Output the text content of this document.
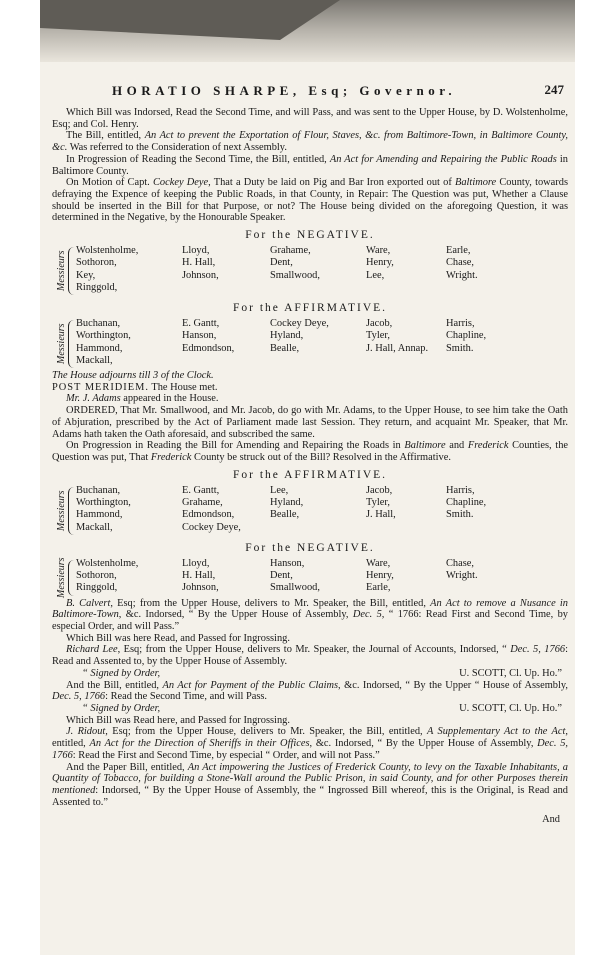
HORATIO SHARPE, Esq; Governor.	247

Which Bill was Indorsed, Read the Second Time, and will Pass, and was sent to the Upper House, by D. Wolstenholme, Esq; and Col. Henry.

The Bill, entitled, An Act to prevent the Exportation of Flour, Staves, &c. from Baltimore-Town, in Baltimore County, &c. Was referred to the Consideration of next Assembly.

In Progression of Reading the Second Time, the Bill, entitled, An Act for Amending and Repairing the Public Roads in Baltimore County.

On Motion of Capt. Cockey Deye, That a Duty be laid on Pig and Bar Iron exported out of Baltimore County, towards defraying the Expence of keeping the Public Roads, in that County, in Repair: The Question was put, Whether a Clause should be inserted in the Bill for that Purpose, or not? The House being divided on the aforegoing Question, it was determined in the Negative, by the Honourable Speaker.

For the NEGATIVE.
Messieurs
Wolstenholme,	Lloyd,	Grahame,	Ware,	Earle,
Sothoron,	H. Hall,	Dent,	Henry,	Chase,
Key,	Johnson,	Smallwood,	Lee,	Wright.
Ringgold,
For the AFFIRMATIVE.
Messieurs
Buchanan,	E. Gantt,	Cockey Deye,	Jacob,	Harris,
Worthington,	Hanson,	Hyland,	Tyler,	Chapline,
Hammond,	Edmondson,	Bealle,	J. Hall, Annap.	Smith.
Mackall,

The House adjourns till 3 of the Clock.

POST MERIDIEM. The House met.

Mr. J. Adams appeared in the House.

ORDERED, That Mr. Smallwood, and Mr. Jacob, do go with Mr. Adams, to the Upper House, to see him take the Oath of Abjuration, prescribed by the Act of Parliament made last Session. They return, and acquaint Mr. Speaker, that Mr. Adams hath taken the Oath aforesaid, and subscribed the same.

On Progression in Reading the Bill for Amending and Repairing the Roads in Baltimore and Frederick Counties, the Question was put, That Frederick County be struck out of the Bill? Resolved in the Affirmative.

For the AFFIRMATIVE.
Messieurs
Buchanan,	E. Gantt,	Lee,	Jacob,	Harris,
Worthington,	Grahame,	Hyland,	Tyler,	Chapline,
Hammond,	Edmondson,	Bealle,	J. Hall,	Smith.
Mackall,	Cockey Deye,
For the NEGATIVE.
Messieurs Wolstenholme,	Lloyd,	Hanson,	Ware,	Chase,
Sothoron,	H. Hall,	Dent,	Henry,	Wright.
Ringgold,	Johnson,	Smallwood,	Earle,

B. Calvert, Esq; from the Upper House, delivers to Mr. Speaker, the Bill, entitled, An Act to remove a Nusance in Baltimore-Town, &c. Indorsed, “ By the Upper House of Assembly, Dec. 5, “ 1766: Read First and Second Time, by especial Order, and will Pass.”

Which Bill was here Read, and Passed for Ingrossing.

Richard Lee, Esq; from the Upper House, delivers to Mr. Speaker, the Journal of Accounts, Indorsed, “ Dec. 5, 1766: Read and Assented to, by the Upper House of Assembly.

“ Signed by Order,	U. SCOTT, Cl. Up. Ho.”

And the Bill, entitled, An Act for Payment of the Public Claims, &c. Indorsed, “ By the Upper “ House of Assembly, Dec. 5, 1766: Read the Second Time, and will Pass.

“ Signed by Order,	U. SCOTT, Cl. Up. Ho.”

Which Bill was Read here, and Passed for Ingrossing.

J. Ridout, Esq; from the Upper House, delivers to Mr. Speaker, the Bill, entitled, A Supplementary Act to the Act, entitled, An Act for the Direction of Sheriffs in their Offices, &c. Indorsed, “ By the Upper House of Assembly, Dec. 5, 1766: Read the First and Second Time, by especial “ Order, and will not Pass.”

And the Paper Bill, entitled, An Act impowering the Justices of Frederick County, to levy on the Taxable Inhabitants, a Quantity of Tobacco, for building a Stone-Wall around the Public Prison, in said County, and for other Purposes therein mentioned: Indorsed, “ By the Upper House of Assembly, the “ Ingrossed Bill whereof, this is the Original, is Read and Assented to.”

And
